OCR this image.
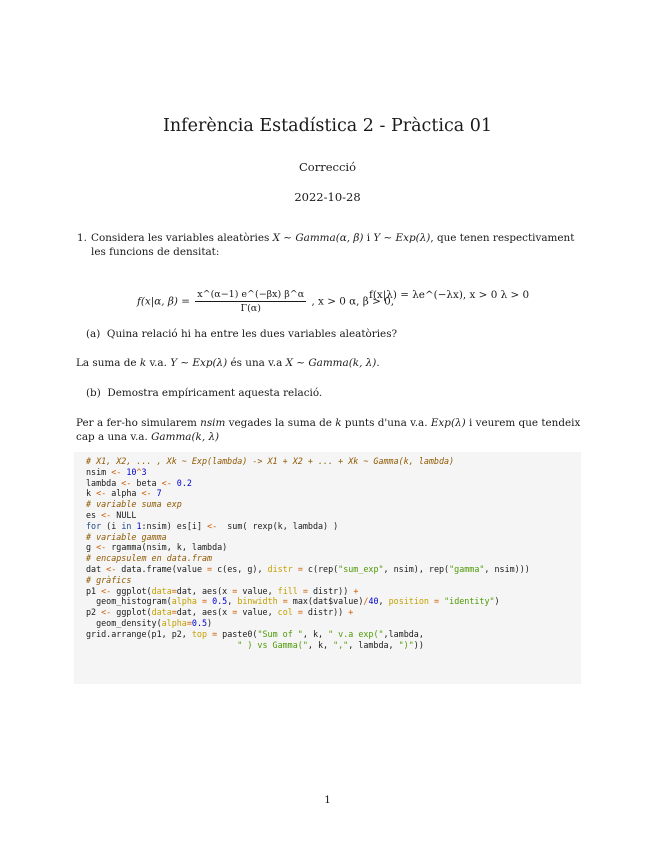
Inferència Estadística 2 - Pràctica 01
Correcció
2022-10-28
1. Considera les variables aleatòries X ∼ Gamma(α, β) i Y ∼ Exp(λ), que tenen respectivament les funcions de densitat:
f(x|α, $\beta) = \frac{x\^{}(\alpha-1) e\^{}(-\beta x) \beta\^{}\alpha}{\Gamma(\alpha)}$ , x > 0 α, β > 0,
f(x|λ) = λe^(−λx), x > 0 λ > 0
(a) Quina relació hi ha entre les dues variables aleatòries?
La suma de k v.a. Y ∼ Exp(λ) és una v.a X ∼ Gamma(k, λ).
(b) Demostra empíricament aquesta relació.
Per a fer-ho simularem nsim vegades la suma de k punts d'una v.a. Exp(λ) i veurem que tendeix cap a una v.a. Gamma(k, λ)
# X1, X2, ... , Xk ~ Exp(lambda) -> X1 + X2 + ... + Xk ~ Gamma(k, lambda)
nsim <- 10^3
lambda <- beta <- 0.2
k <- alpha <- 7
# variable suma exp
es <- NULL
for (i in 1:nsim) es[i] <-  sum( rexp(k, lambda) )
# variable gamma
g <- rgamma(nsim, k, lambda)
# encapsulem en data.fram
dat <- data.frame(value = c(es, g), distr = c(rep("sum_exp", nsim), rep("gamma", nsim)))
# gràfics
p1 <- ggplot(data=dat, aes(x = value, fill = distr)) +
geom_histogram(alpha = 0.5, binwidth = max(dat$value)/40, position = "identity")
p2 <- ggplot(data=dat, aes(x = value, col = distr)) +
geom_density(alpha=0.5)
grid.arrange(p1, p2, top = paste0("Sum of ", k, " v.a exp(",lambda,
" ) vs Gamma(", k, ",", lambda, ")"))
1
